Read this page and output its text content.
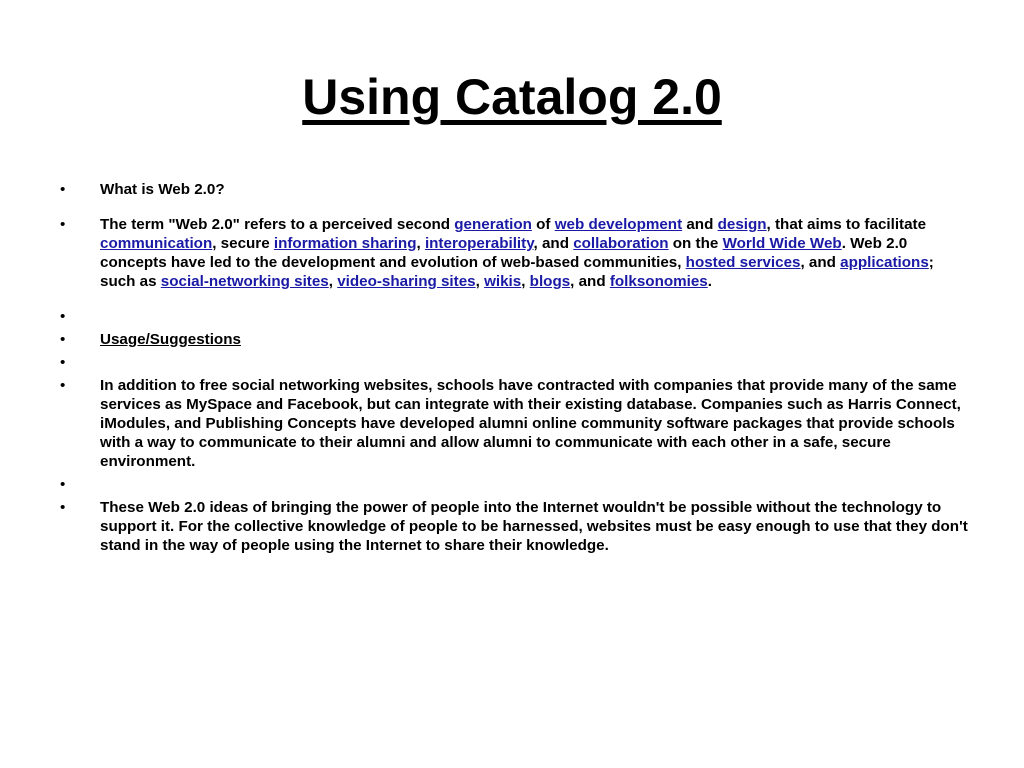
Using Catalog 2.0
• What is Web 2.0?
• The term "Web 2.0" refers to a perceived second generation of web development and design, that aims to facilitate communication, secure information sharing, interoperability, and collaboration on the World Wide Web. Web 2.0 concepts have led to the development and evolution of web-based communities, hosted services, and applications; such as social-networking sites, video-sharing sites, wikis, blogs, and folksonomies.
•
• Usage/Suggestions
•
• In addition to free social networking websites, schools have contracted with companies that provide many of the same services as MySpace and Facebook, but can integrate with their existing database. Companies such as Harris Connect, iModules, and Publishing Concepts have developed alumni online community software packages that provide schools with a way to communicate to their alumni and allow alumni to communicate with each other in a safe, secure environment.
•
• These Web 2.0 ideas of bringing the power of people into the Internet wouldn't be possible without the technology to support it. For the collective knowledge of people to be harnessed, websites must be easy enough to use that they don't stand in the way of people using the Internet to share their knowledge.
